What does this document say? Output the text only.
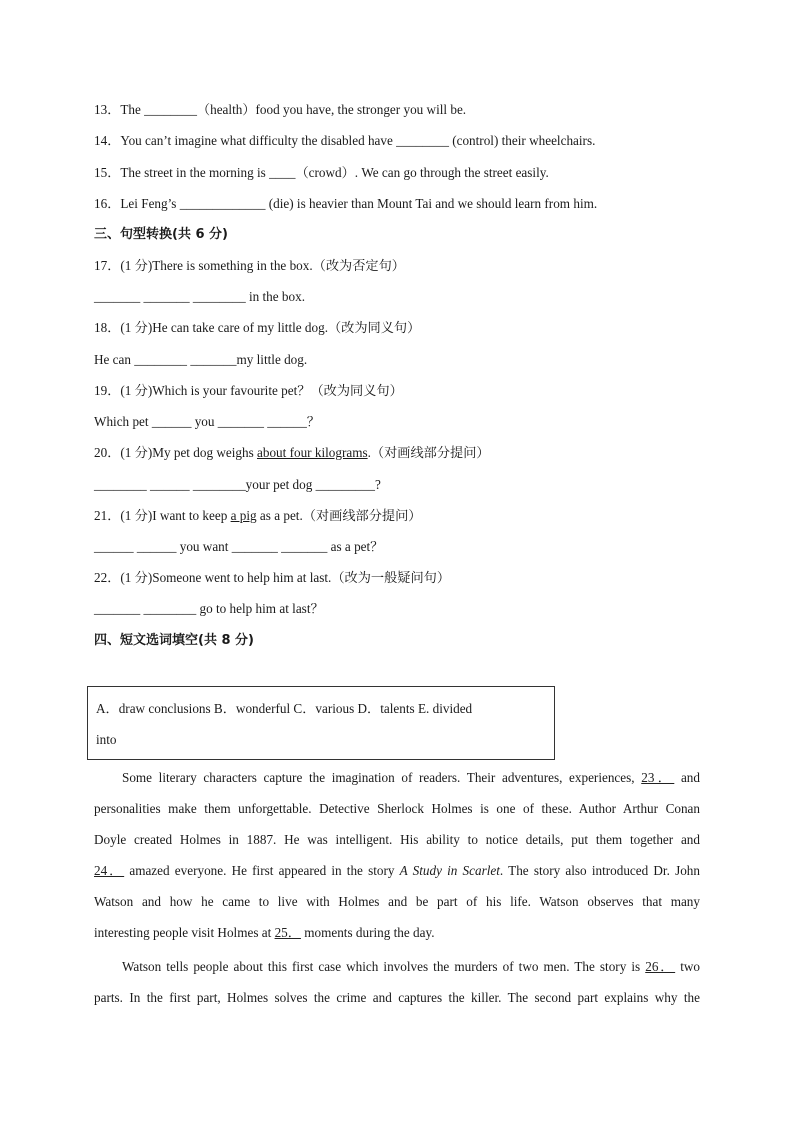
13．The ________（health）food you have, the stronger you will be.
14．You can’t imagine what difficulty the disabled have ________ (control) their wheelchairs.
15．The street in the morning is ____（crowd）. We can go through the street easily.
16．Lei Feng’s _____________ (die) is heavier than Mount Tai and we should learn from him.
三、句型转换(共 6 分)
17．(1 分)There is something in the box.（改为否定句）
_______ _______ ________ in the box.
18．(1 分)He can take care of my little dog.（改为同义句）
He can ________ _______my little dog.
19．(1 分)Which is your favourite pet？（改为同义句）
Which pet ______ you _______ ______？
20．(1 分)My pet dog weighs about four kilograms.（对画线部分提问）
________ ______ ________your pet dog _________?
21．(1 分)I want to keep a pig as a pet.（对画线部分提问）
______ ______ you want _______ _______ as a pet？
22．(1 分)Someone went to help him at last.（改为一般疑问句）
_______ ________ go to help him at last？
四、短文选词填空(共 8 分)
A．draw conclusions B．wonderful C．various D．talents E. divided
into
Some literary characters capture the imagination of readers. Their adventures, experiences, 23． and
personalities make them unforgettable. Detective Sherlock Holmes is one of these. Author Arthur Conan
Doyle created Holmes in 1887. He was intelligent. His ability to notice details, put them together and
24． amazed everyone. He first appeared in the story A Study in Scarlet. The story also introduced Dr. John
Watson and how he came to live with Holmes and be part of his life. Watson observes that many
interesting people visit Holmes at 25． moments during the day.
Watson tells people about this first case which involves the murders of two men. The story is 26． two
parts. In the first part, Holmes solves the crime and captures the killer. The second part explains why the
